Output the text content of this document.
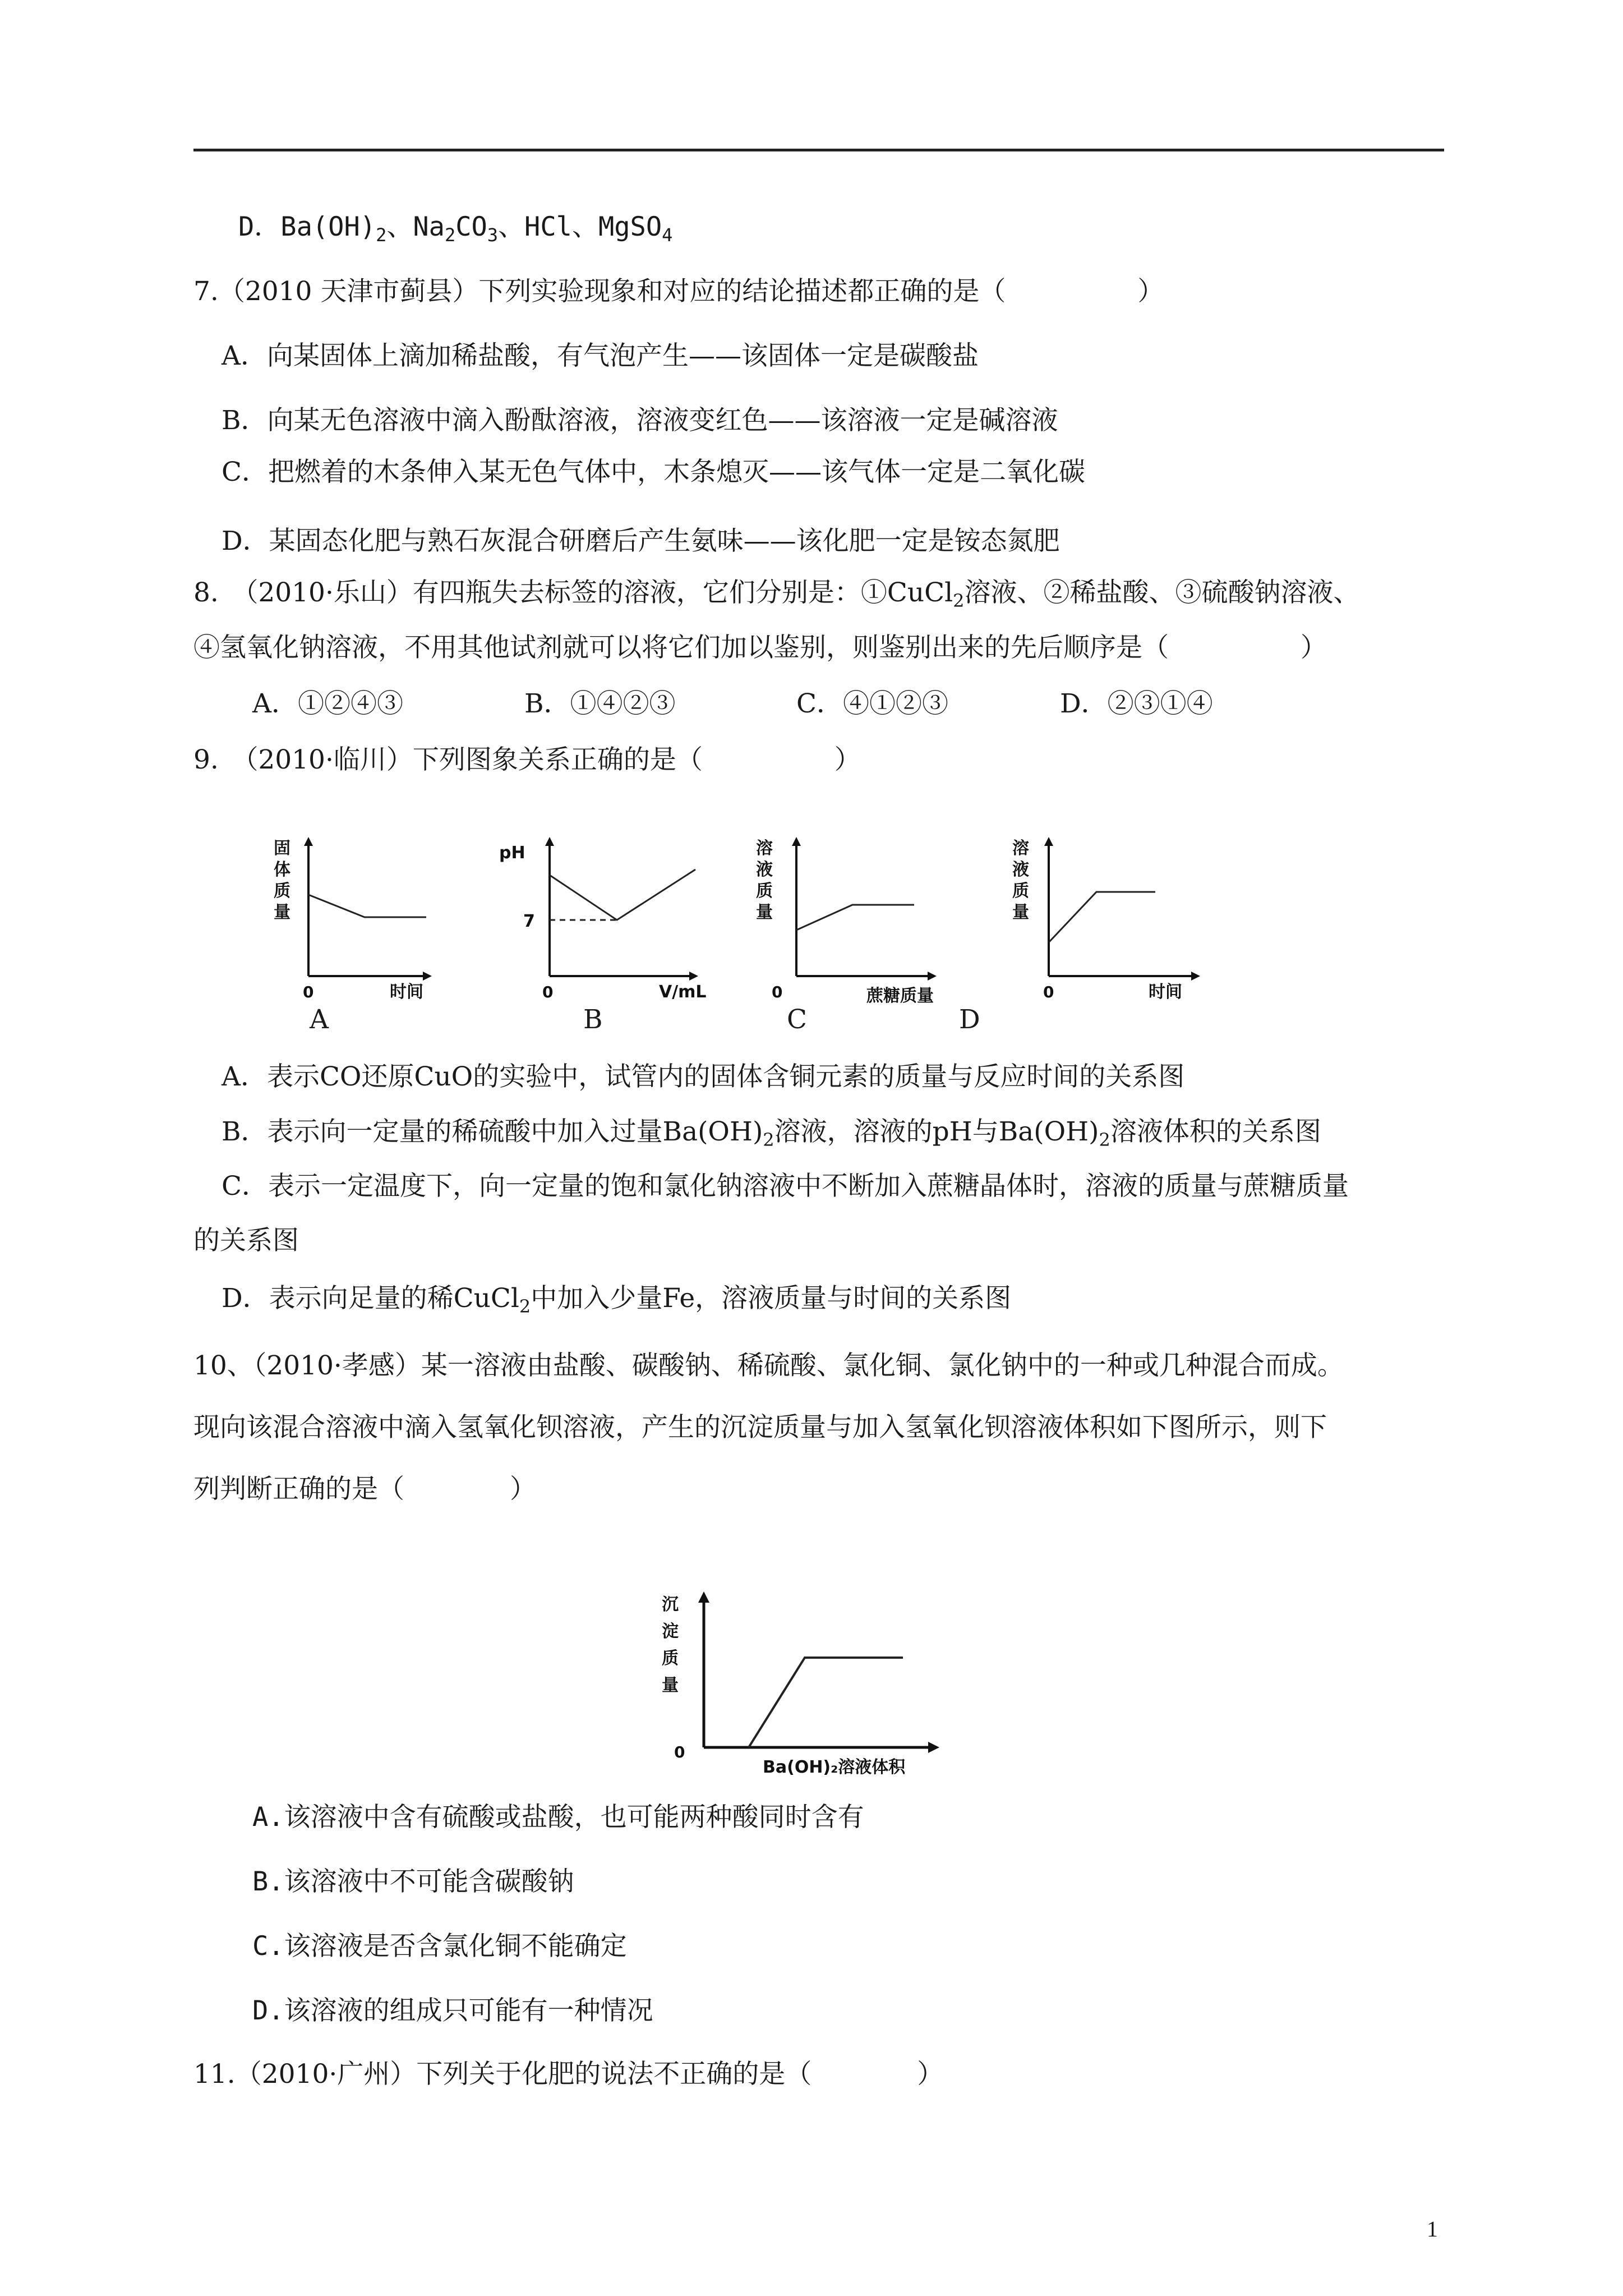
D．$Ba(OH)_2$、$Na_2CO_3$、HCl、MgSO$_4$
7.（2010 天津市蓟县）下列实验现象和对应的结论描述都正确的是（　　　　　）
A．向某固体上滴加稀盐酸，有气泡产生——该固体一定是碳酸盐
B．向某无色溶液中滴入酚酞溶液，溶液变红色——该溶液一定是碱溶液
C．把燃着的木条伸入某无色气体中，木条熄灭——该气体一定是二氧化碳
D．某固态化肥与熟石灰混合研磨后产生氨味——该化肥一定是铵态氮肥
8.　（2010·乐山）有四瓶失去标签的溶液，它们分别是：①CuCl$_2$溶液、②稀盐酸、③硫酸钠溶液、
④氢氧化钠溶液，不用其他试剂就可以将它们加以鉴别，则鉴别出来的先后顺序是（　　　　　）
A．①②④③	B．①④②③	C．④①②③	D．②③①④
9.　（2010·临川）下列图象关系正确的是（　　　　　）
固
体
质
量
0	时间
pH
7
0	V/mL
溶
液
质
量
0	蔗糖质量
溶
液
质
量
0	时间
A	B	C	D
A．表示CO还原CuO的实验中，试管内的固体含铜元素的质量与反应时间的关系图
B．表示向一定量的稀硫酸中加入过量$Ba(OH)_2$溶液，溶液的pH与$Ba(OH)_2$溶液体积的关系图
C．表示一定温度下，向一定量的饱和氯化钠溶液中不断加入蔗糖晶体时，溶液的质量与蔗糖质量
的关系图
D．表示向足量的稀CuCl$_2$中加入少量Fe，溶液质量与时间的关系图
10、（2010·孝感）某一溶液由盐酸、碳酸钠、稀硫酸、氯化铜、氯化钠中的一种或几种混合而成。
现向该混合溶液中滴入氢氧化钡溶液，产生的沉淀质量与加入氢氧化钡溶液体积如下图所示，则下
列判断正确的是（　　　　）
沉
淀
质
量
0
Ba(OH)₂溶液体积
A.该溶液中含有硫酸或盐酸，也可能两种酸同时含有
B.该溶液中不可能含碳酸钠
C.该溶液是否含氯化铜不能确定
D.该溶液的组成只可能有一种情况
11.（2010·广州）下列关于化肥的说法不正确的是（　　　　）
1
